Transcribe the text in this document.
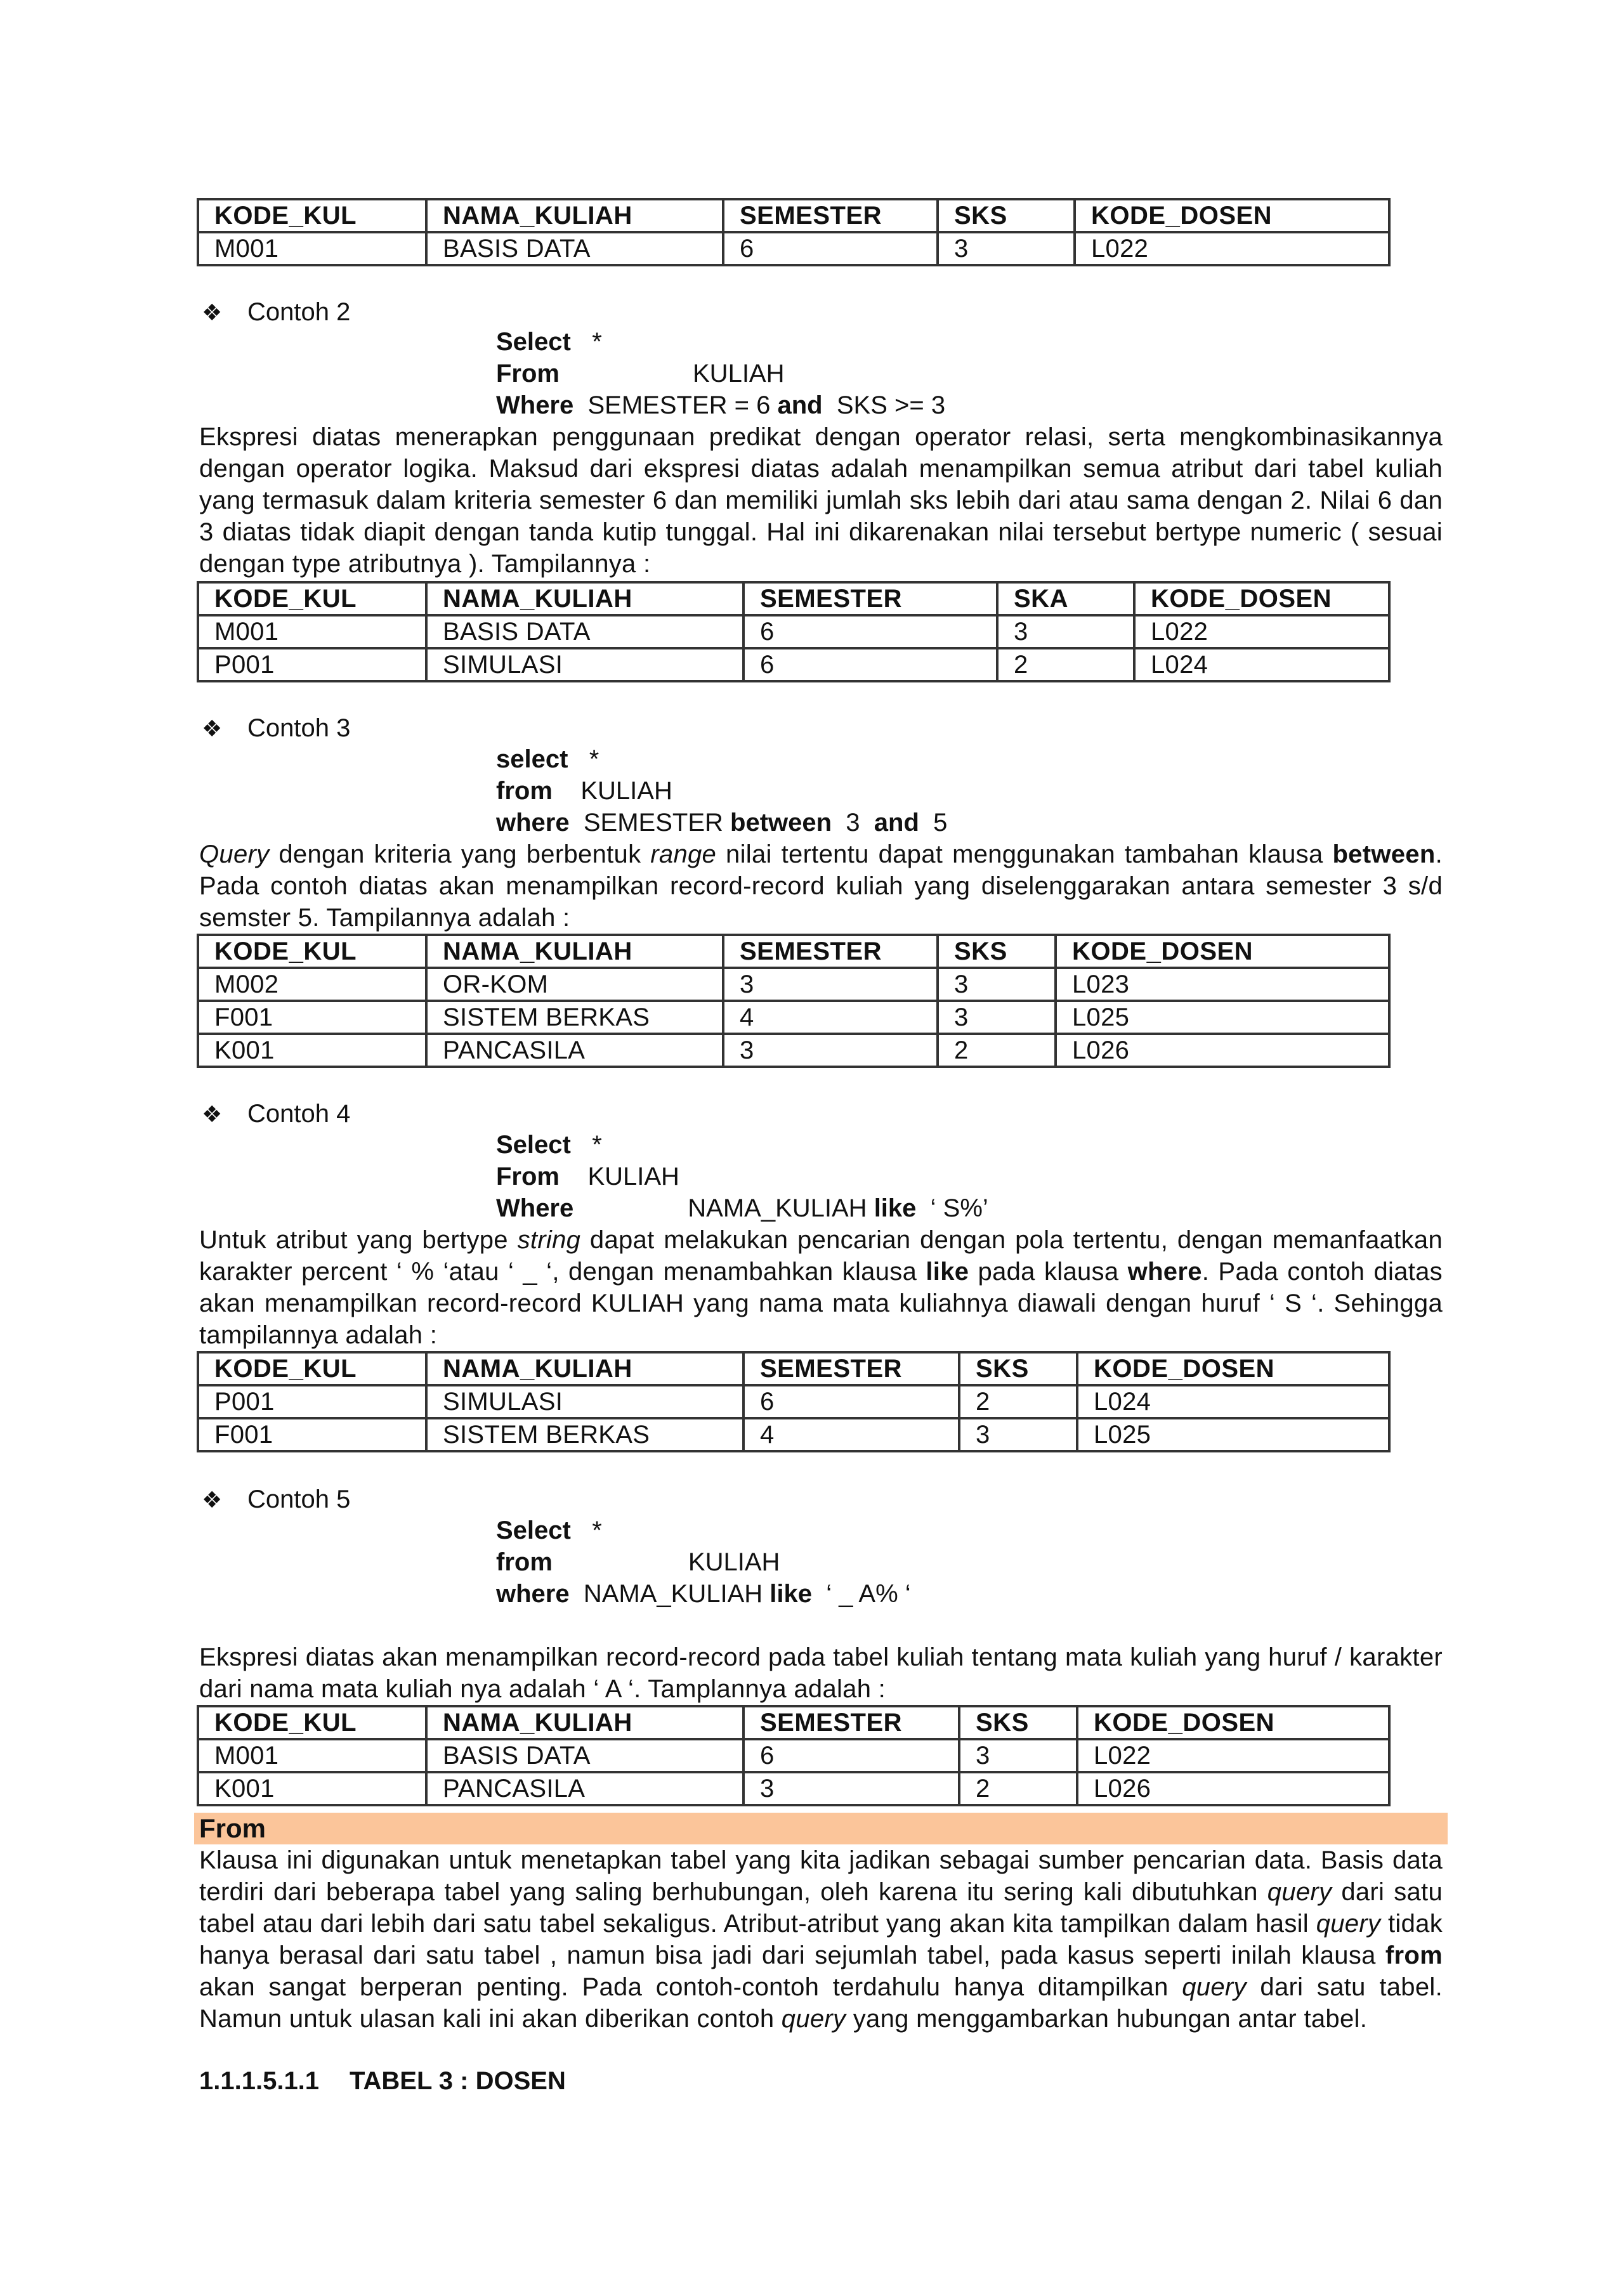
KODE_KUL	NAMA_KULIAH	SEMESTER	SKS	KODE_DOSEN
M001	BASIS DATA	6	3	L022
❖ Contoh 2
Select *
From	KULIAH
Where SEMESTER = 6 and SKS >= 3
Ekspresi diatas menerapkan penggunaan predikat dengan operator relasi, serta mengkombinasikannya dengan operator logika. Maksud dari ekspresi diatas adalah menampilkan semua atribut dari tabel kuliah yang termasuk dalam kriteria semester 6 dan memiliki jumlah sks lebih dari atau sama dengan 2. Nilai 6 dan 3 diatas tidak diapit dengan tanda kutip tunggal. Hal ini dikarenakan nilai tersebut bertype numeric ( sesuai dengan type atributnya ). Tampilannya :
KODE_KUL	NAMA_KULIAH	SEMESTER	SKA	KODE_DOSEN
M001	BASIS DATA	6	3	L022
P001	SIMULASI	6	2	L024
❖ Contoh 3
select *
from KULIAH
where SEMESTER between 3 and 5
Query dengan kriteria yang berbentuk range nilai tertentu dapat menggunakan tambahan klausa between. Pada contoh diatas akan menampilkan record-record kuliah yang diselenggarakan antara semester 3 s/d semster 5. Tampilannya adalah :
KODE_KUL	NAMA_KULIAH	SEMESTER	SKS	KODE_DOSEN
M002	OR-KOM	3	3	L023
F001	SISTEM BERKAS	4	3	L025
K001	PANCASILA	3	2	L026
❖ Contoh 4
Select *
From KULIAH
Where	NAMA_KULIAH like ‘ S%’
Untuk atribut yang bertype string dapat melakukan pencarian dengan pola tertentu, dengan memanfaatkan karakter percent ‘ % ‘atau ‘ _ ‘, dengan menambahkan klausa like pada klausa where. Pada contoh diatas akan menampilkan record-record KULIAH yang nama mata kuliahnya diawali dengan huruf ‘ S ‘. Sehingga tampilannya adalah :
KODE_KUL	NAMA_KULIAH	SEMESTER	SKS	KODE_DOSEN
P001	SIMULASI	6	2	L024
F001	SISTEM BERKAS	4	3	L025
❖ Contoh 5
Select *
from	KULIAH
where NAMA_KULIAH like ‘ _ A% ‘
Ekspresi diatas akan menampilkan record-record pada tabel kuliah tentang mata kuliah yang huruf / karakter dari nama mata kuliah nya adalah ‘ A ‘. Tamplannya adalah :
KODE_KUL	NAMA_KULIAH	SEMESTER	SKS	KODE_DOSEN
M001	BASIS DATA	6	3	L022
K001	PANCASILA	3	2	L026
From
Klausa ini digunakan untuk menetapkan tabel yang kita jadikan sebagai sumber pencarian data. Basis data terdiri dari beberapa tabel yang saling berhubungan, oleh karena itu sering kali dibutuhkan query dari satu tabel atau dari lebih dari satu tabel sekaligus. Atribut-atribut yang akan kita tampilkan dalam hasil query tidak hanya berasal dari satu tabel , namun bisa jadi dari sejumlah tabel, pada kasus seperti inilah klausa from akan sangat berperan penting. Pada contoh-contoh terdahulu hanya ditampilkan query dari satu tabel. Namun untuk ulasan kali ini akan diberikan contoh query yang menggambarkan hubungan antar tabel.
1.1.1.5.1.1 TABEL 3 : DOSEN
